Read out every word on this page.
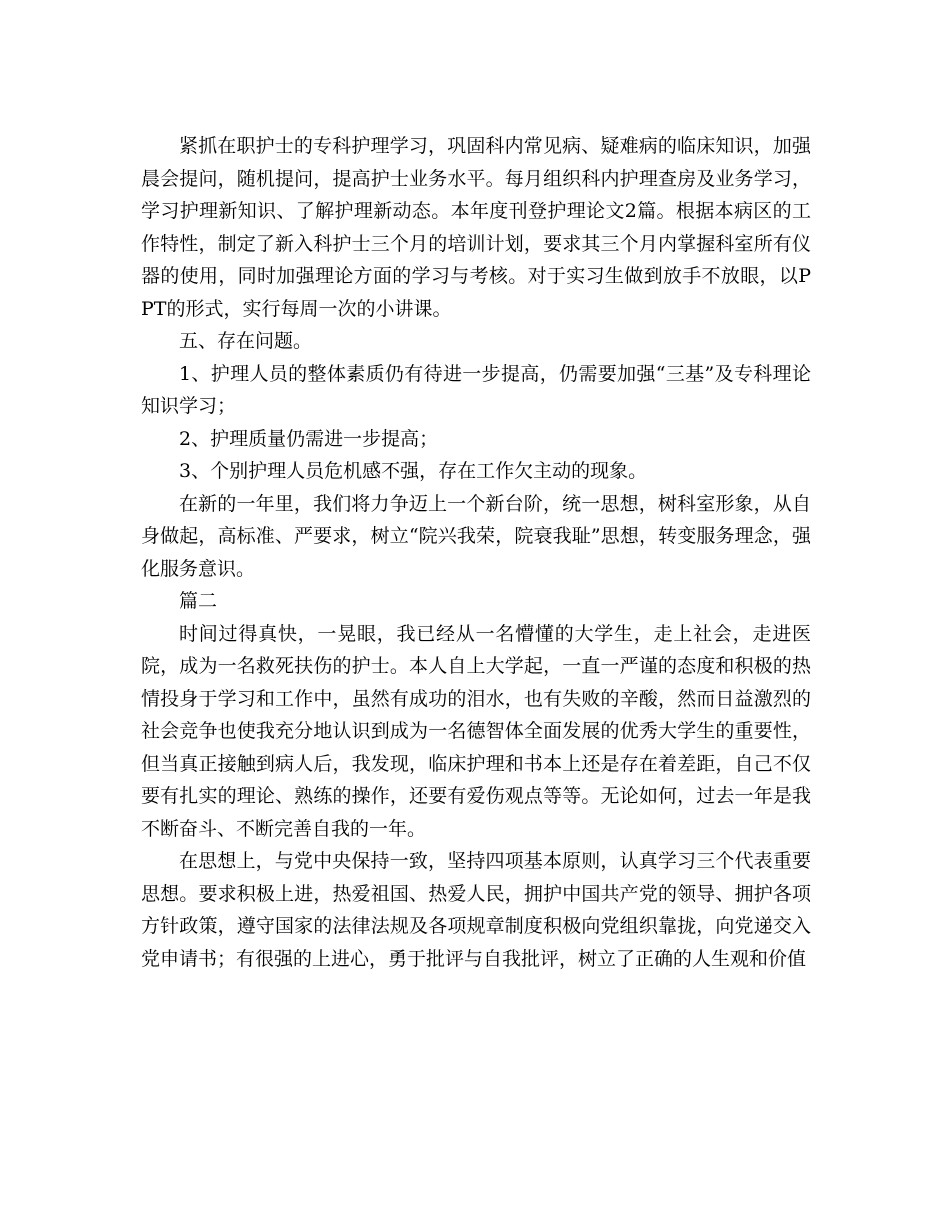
紧抓在职护士的专科护理学习，巩固科内常见病、疑难病的临床知识，加强晨会提问，随机提问，提高护士业务水平。每月组织科内护理查房及业务学习，学习护理新知识、了解护理新动态。本年度刊登护理论文2篇。根据本病区的工作特性，制定了新入科护士三个月的培训计划，要求其三个月内掌握科室所有仪器的使用，同时加强理论方面的学习与考核。对于实习生做到放手不放眼，以PPT的形式，实行每周一次的小讲课。

五、存在问题。

1、护理人员的整体素质仍有待进一步提高，仍需要加强“三基”及专科理论知识学习；

2、护理质量仍需进一步提高；

3、个别护理人员危机感不强，存在工作欠主动的现象。

在新的一年里，我们将力争迈上一个新台阶，统一思想，树科室形象，从自身做起，高标准、严要求，树立“院兴我荣，院衰我耻”思想，转变服务理念，强化服务意识。

篇二

时间过得真快，一晃眼，我已经从一名懵懂的大学生，走上社会，走进医院，成为一名救死扶伤的护士。本人自上大学起，一直一严谨的态度和积极的热情投身于学习和工作中，虽然有成功的泪水，也有失败的辛酸，然而日益激烈的社会竞争也使我充分地认识到成为一名德智体全面发展的优秀大学生的重要性，但当真正接触到病人后，我发现，临床护理和书本上还是存在着差距，自己不仅要有扎实的理论、熟练的操作，还要有爱伤观点等等。无论如何，过去一年是我不断奋斗、不断完善自我的一年。

在思想上，与党中央保持一致，坚持四项基本原则，认真学习三个代表重要思想。要求积极上进，热爱祖国、热爱人民，拥护中国共产党的领导、拥护各项方针政策，遵守国家的法律法规及各项规章制度积极向党组织靠拢，向党递交入党申请书；有很强的上进心，勇于批评与自我批评，树立了正确的人生观和价值
